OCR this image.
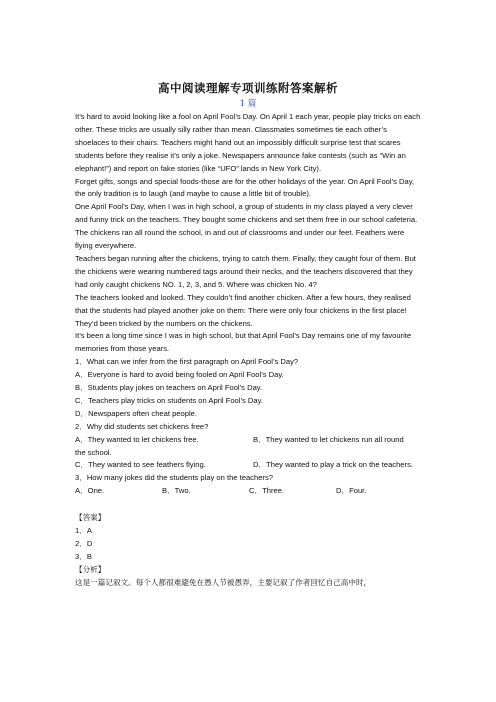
高中阅读理解专项训练附答案解析
1 篇

It’s hard to avoid looking like a fool on April Fool’s Day. On April 1 each year, people play tricks on each other. These tricks are usually silly rather than mean. Classmates sometimes tie each other’s shoelaces to their chairs. Teachers might hand out an impossibly difficult surprise test that scares students before they realise it’s only a joke. Newspapers announce fake contests (such as “Win an elephant!”) and report on fake stories (like “UFO” lands in New York City).

Forget gifts, songs and special foods-those are for the other holidays of the year. On April Fool’s Day, the only tradition is to laugh (and maybe to cause a little bit of trouble).

One April Fool’s Day, when I was in high school, a group of students in my class played a very clever and funny trick on the teachers. They bought some chickens and set them free in our school cafeteria. The chickens ran all round the school, in and out of classrooms and under our feet. Feathers were flying everywhere.

Teachers began running after the chickens, trying to catch them. Finally, they caught four of them. But the chickens were wearing numbered tags around their necks, and the teachers discovered that they had only caught chickens NO. 1, 2, 3, and 5. Where was chicken No. 4?

The teachers looked and looked. They couldn’t find another chicken. After a few hours, they realised that the students had played another joke on them: There were only four chickens in the first place! They’d been tricked by the numbers on the chickens.

It’s been a long time since I was in high school, but that April Fool’s Day remains one of my favourite memories from those years.

1．What can we infer from the first paragraph on April Fool’s Day?

A．Everyone is hard to avoid being fooled on April Fool’s Day.

B．Students play jokes on teachers on April Fool’s Day.

C．Teachers play tricks on students on April Fool’s Day.

D．Newspapers often cheat people.

2．Why did students set chickens free?

A．They wanted to let chickens free.	B．They wanted to let chickens run all round

the school.

C．They wanted to see feathers flying.	D．They wanted to play a trick on the teachers.

3．How many jokes did the students play on the teachers?

A．One.	B．Two.	C．Three.	D．Four.

【答案】

1．A

2．D

3．B

【分析】

这是一篇记叙文。每个人都很难避免在愚人节被愚弄，主要记叙了作者回忆自己高中时，
